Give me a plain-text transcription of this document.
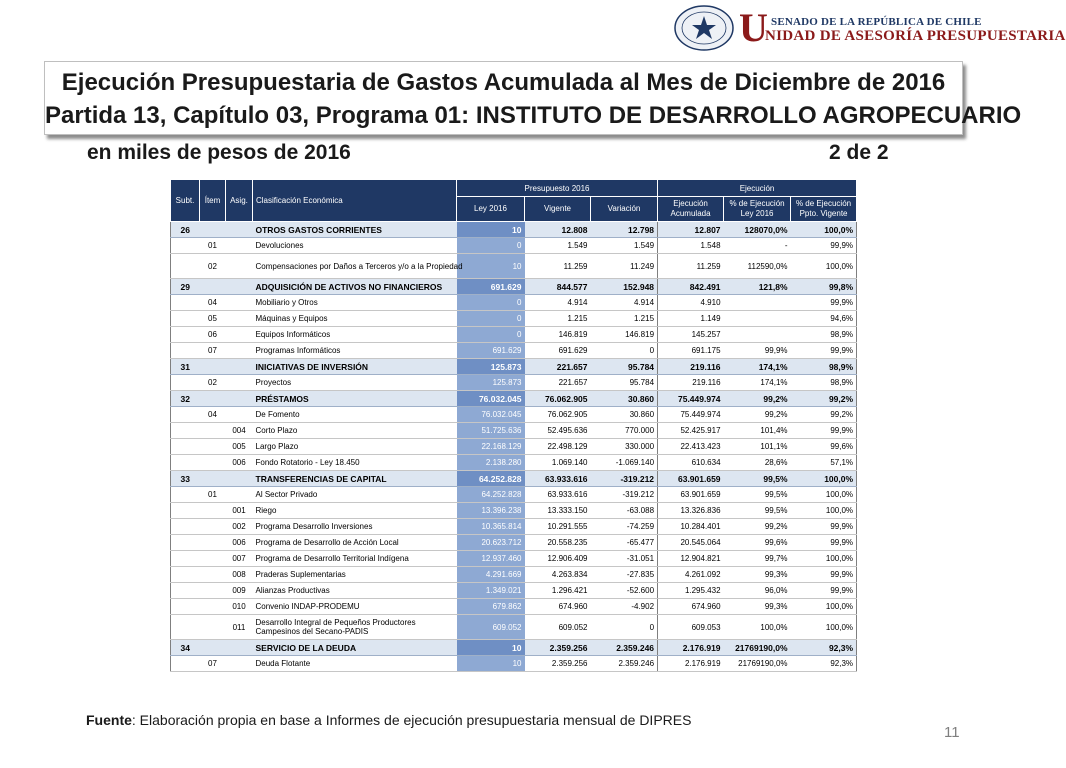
U SENADO DE LA REPÚBLICA DE CHILE
NIDAD DE ASESORÍA PRESUPUESTARIA
Ejecución Presupuestaria de Gastos Acumulada al Mes de Diciembre de 2016
Partida 13, Capítulo 03, Programa 01: INSTITUTO DE DESARROLLO AGROPECUARIO
en miles de pesos de 2016	2 de 2
Subt.	Ítem	Asig.	Clasificación Económica	Presupuesto 2016			Ejecución		
				Ley 2016	Vigente	Variación	Ejecución Acumulada	% de Ejecución Ley 2016	% de Ejecución Ppto. Vigente
26			OTROS GASTOS CORRIENTES	10	12.808	12.798	12.807	128070,0%	100,0%
	01		Devoluciones	0	1.549	1.549	1.548	-	99,9%
	02		Compensaciones por Daños a Terceros y/o a la Propiedad	10	11.259	11.249	11.259	112590,0%	100,0%
29			ADQUISICIÓN DE ACTIVOS NO FINANCIEROS	691.629	844.577	152.948	842.491	121,8%	99,8%
	04		Mobiliario y Otros	0	4.914	4.914	4.910		99,9%
	05		Máquinas y Equipos	0	1.215	1.215	1.149		94,6%
	06		Equipos Informáticos	0	146.819	146.819	145.257		98,9%
	07		Programas Informáticos	691.629	691.629	0	691.175	99,9%	99,9%
31			INICIATIVAS DE INVERSIÓN	125.873	221.657	95.784	219.116	174,1%	98,9%
	02		Proyectos	125.873	221.657	95.784	219.116	174,1%	98,9%
32			PRÉSTAMOS	76.032.045	76.062.905	30.860	75.449.974	99,2%	99,2%
	04		De Fomento	76.032.045	76.062.905	30.860	75.449.974	99,2%	99,2%
		004	Corto Plazo	51.725.636	52.495.636	770.000	52.425.917	101,4%	99,9%
		005	Largo Plazo	22.168.129	22.498.129	330.000	22.413.423	101,1%	99,6%
		006	Fondo Rotatorio - Ley 18.450	2.138.280	1.069.140	-1.069.140	610.634	28,6%	57,1%
33			TRANSFERENCIAS DE CAPITAL	64.252.828	63.933.616	-319.212	63.901.659	99,5%	100,0%
	01		Al Sector Privado	64.252.828	63.933.616	-319.212	63.901.659	99,5%	100,0%
		001	Riego	13.396.238	13.333.150	-63.088	13.326.836	99,5%	100,0%
		002	Programa Desarrollo Inversiones	10.365.814	10.291.555	-74.259	10.284.401	99,2%	99,9%
		006	Programa de Desarrollo de Acción Local	20.623.712	20.558.235	-65.477	20.545.064	99,6%	99,9%
		007	Programa de Desarrollo Territorial Indígena	12.937.460	12.906.409	-31.051	12.904.821	99,7%	100,0%
		008	Praderas Suplementarias	4.291.669	4.263.834	-27.835	4.261.092	99,3%	99,9%
		009	Alianzas Productivas	1.349.021	1.296.421	-52.600	1.295.432	96,0%	99,9%
		010	Convenio INDAP-PRODEMU	679.862	674.960	-4.902	674.960	99,3%	100,0%
		011	Desarrollo Integral de Pequeños Productores Campesinos del Secano-PADIS	609.052	609.052	0	609.053	100,0%	100,0%
34			SERVICIO DE LA DEUDA	10	2.359.256	2.359.246	2.176.919	21769190,0%	92,3%
	07		Deuda Flotante	10	2.359.256	2.359.246	2.176.919	21769190,0%	92,3%
Fuente: Elaboración propia en base a Informes de ejecución presupuestaria mensual de DIPRES
11
